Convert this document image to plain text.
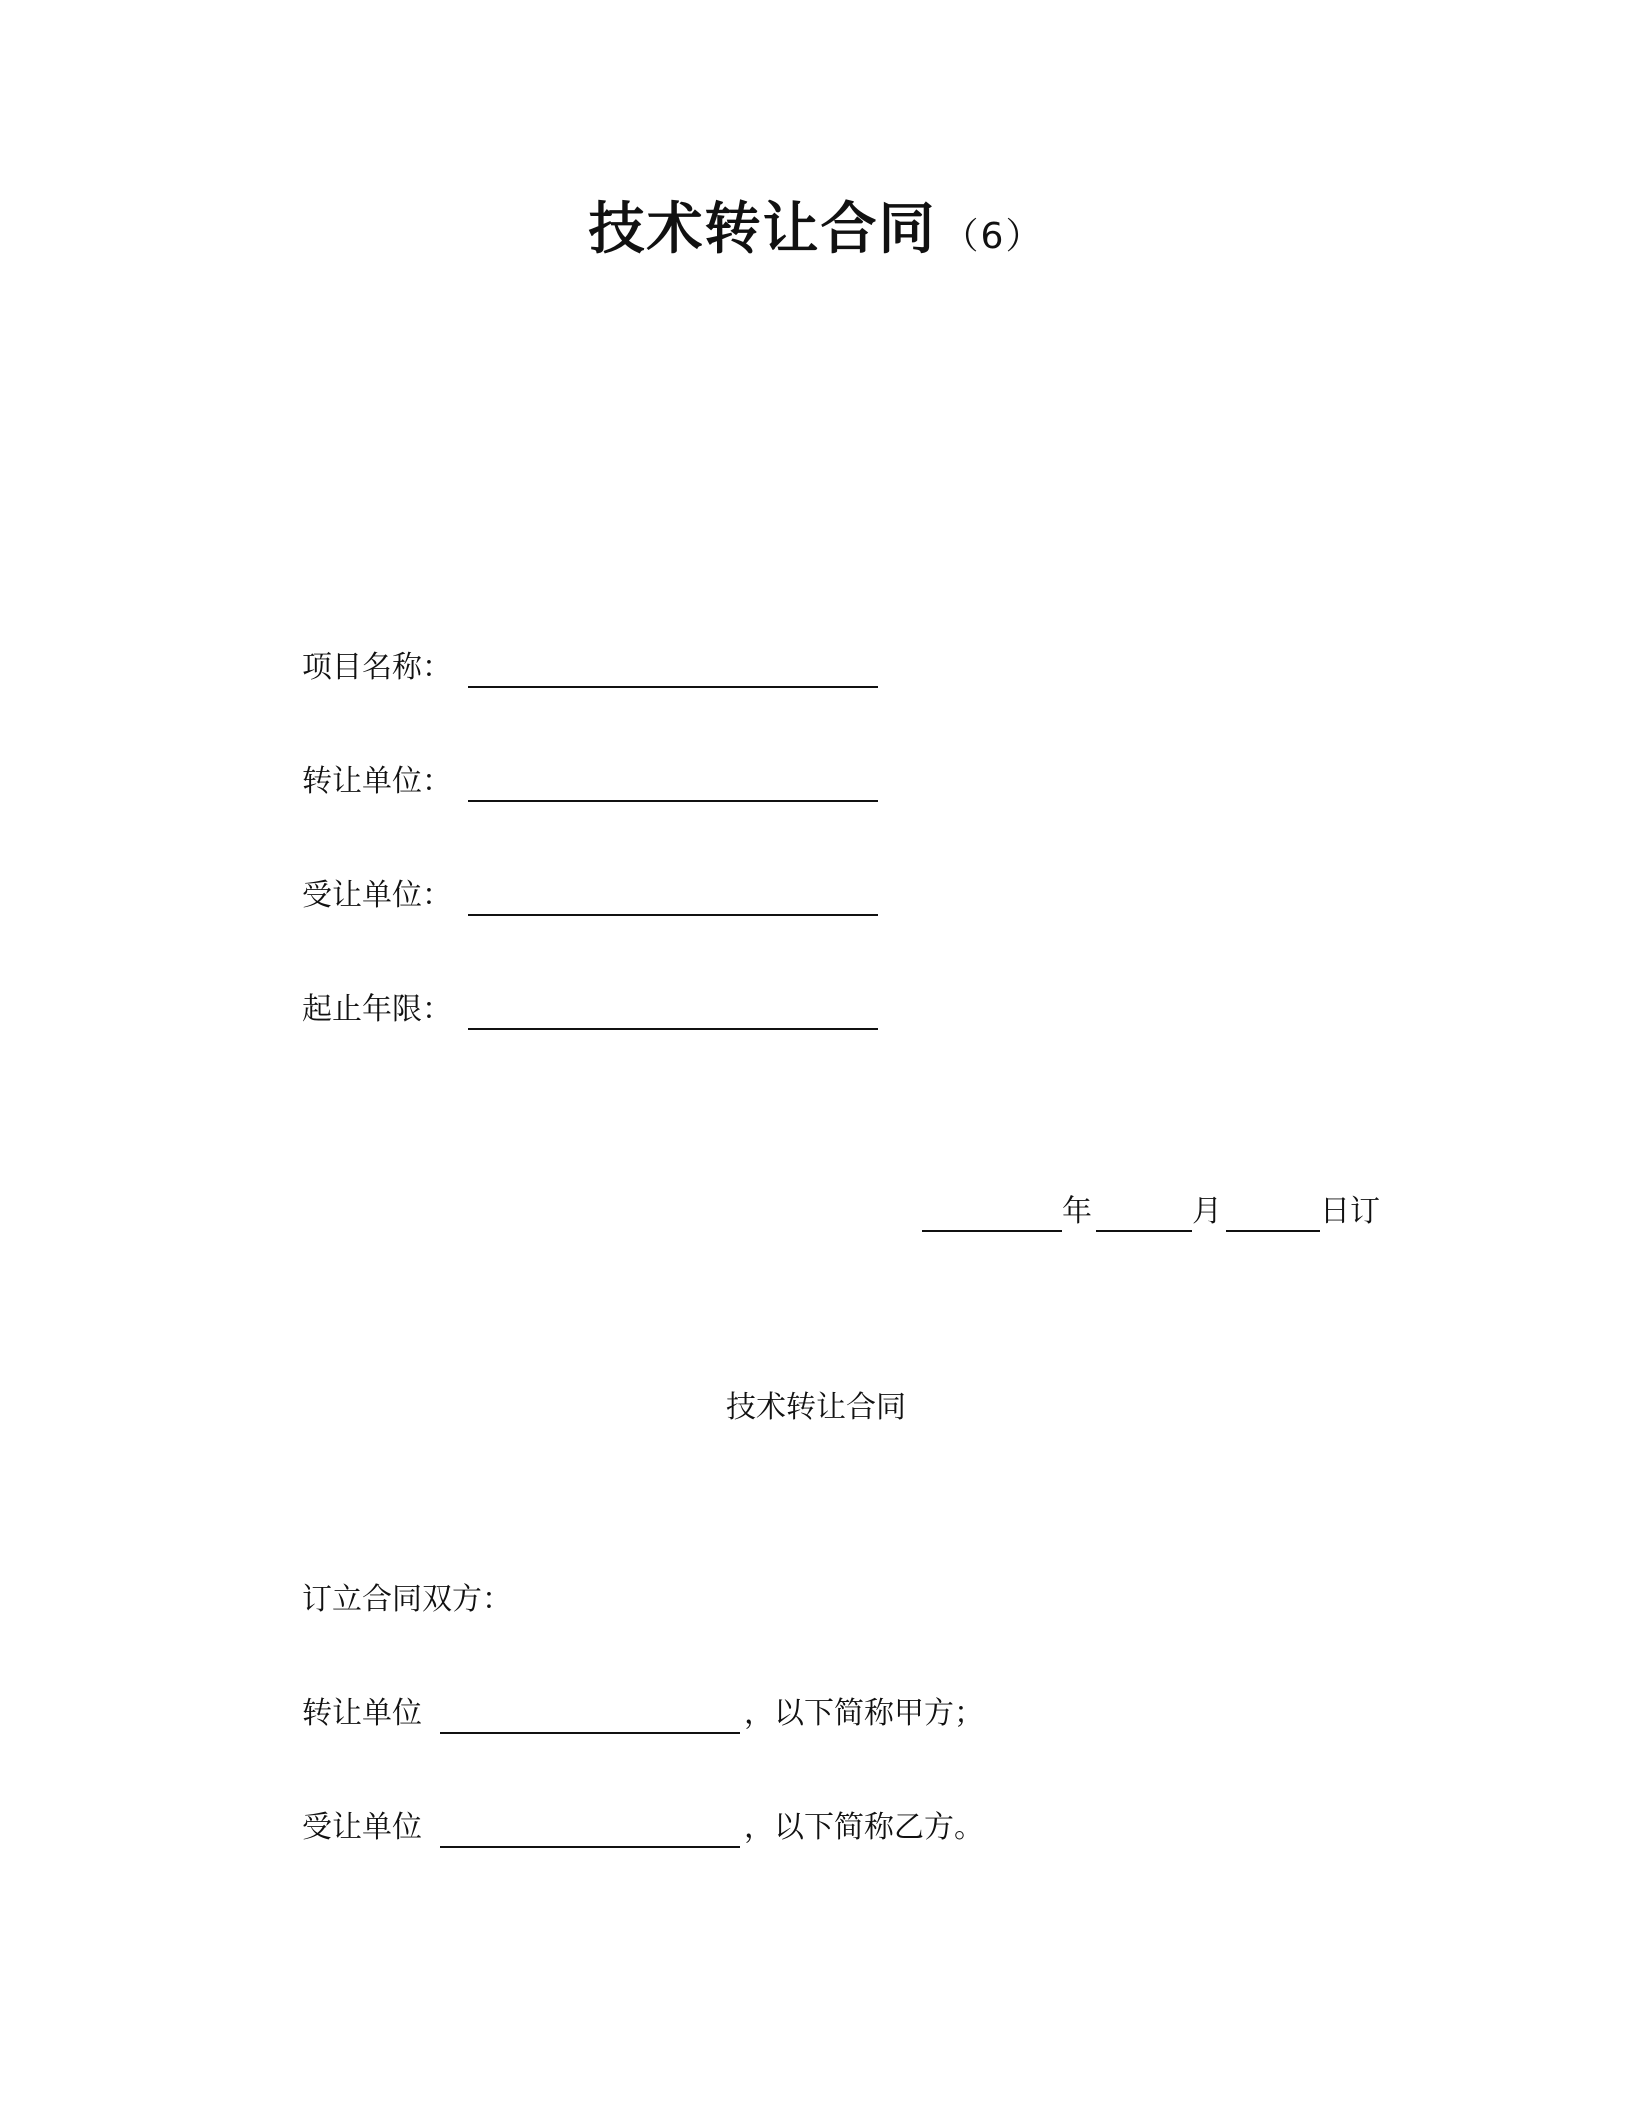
技术转让合同 （6）
项目名称：
转让单位：
受让单位：
起止年限：
年	月	日订
技术转让合同
订立合同双方：
转让单位	，以下简称甲方；
受让单位	，以下简称乙方。
